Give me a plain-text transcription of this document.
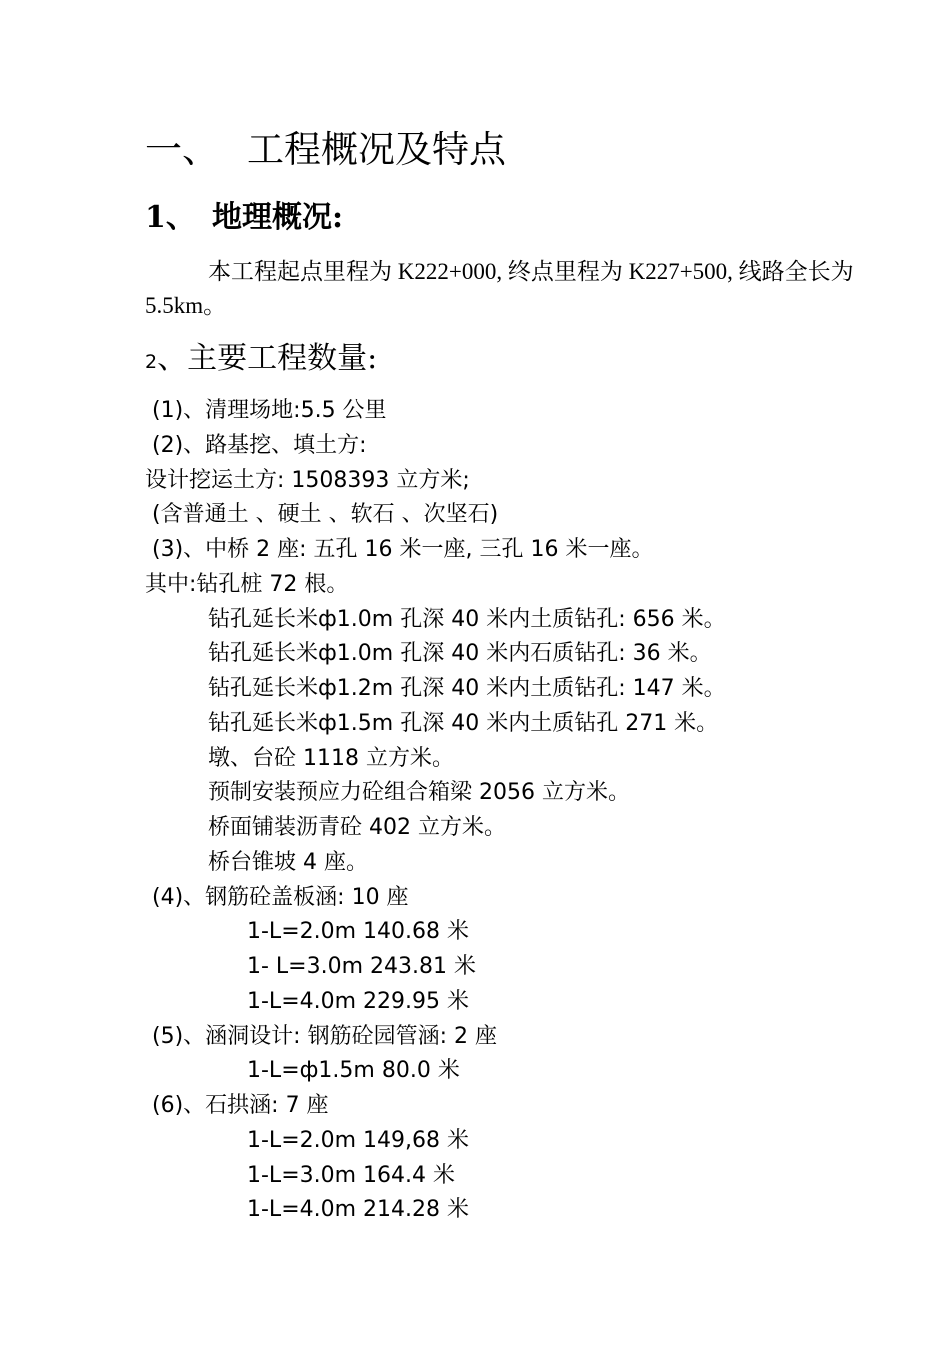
一、 工程概况及特点
1、 地理概况:
本工程起点里程为 K222+000, 终点里程为 K227+500, 线路全长为 5.5km。
2、主要工程数量:
(1)、清理场地:5.5 公里
(2)、路基挖、填土方:
设计挖运土方: 1508393 立方米;
(含普通土 、硬土 、软石 、次坚石)
(3)、中桥 2 座: 五孔 16 米一座, 三孔 16 米一座。
其中:钻孔桩 72 根。
钻孔延长米ф1.0m 孔深 40 米内土质钻孔: 656 米。
钻孔延长米ф1.0m 孔深 40 米内石质钻孔: 36 米。
钻孔延长米ф1.2m 孔深 40 米内土质钻孔: 147 米。
钻孔延长米ф1.5m 孔深 40 米内土质钻孔 271 米。
墩、台砼 1118 立方米。
预制安装预应力砼组合箱梁 2056 立方米。
桥面铺装沥青砼 402 立方米。
桥台锥坡 4 座。
(4)、钢筋砼盖板涵: 10 座
1-L=2.0m 140.68 米
1- L=3.0m 243.81 米
1-L=4.0m 229.95 米
(5)、涵洞设计: 钢筋砼园管涵: 2 座
1-L=ф1.5m 80.0 米
(6)、石拱涵: 7 座
1-L=2.0m 149,68 米
1-L=3.0m 164.4 米
1-L=4.0m 214.28 米
